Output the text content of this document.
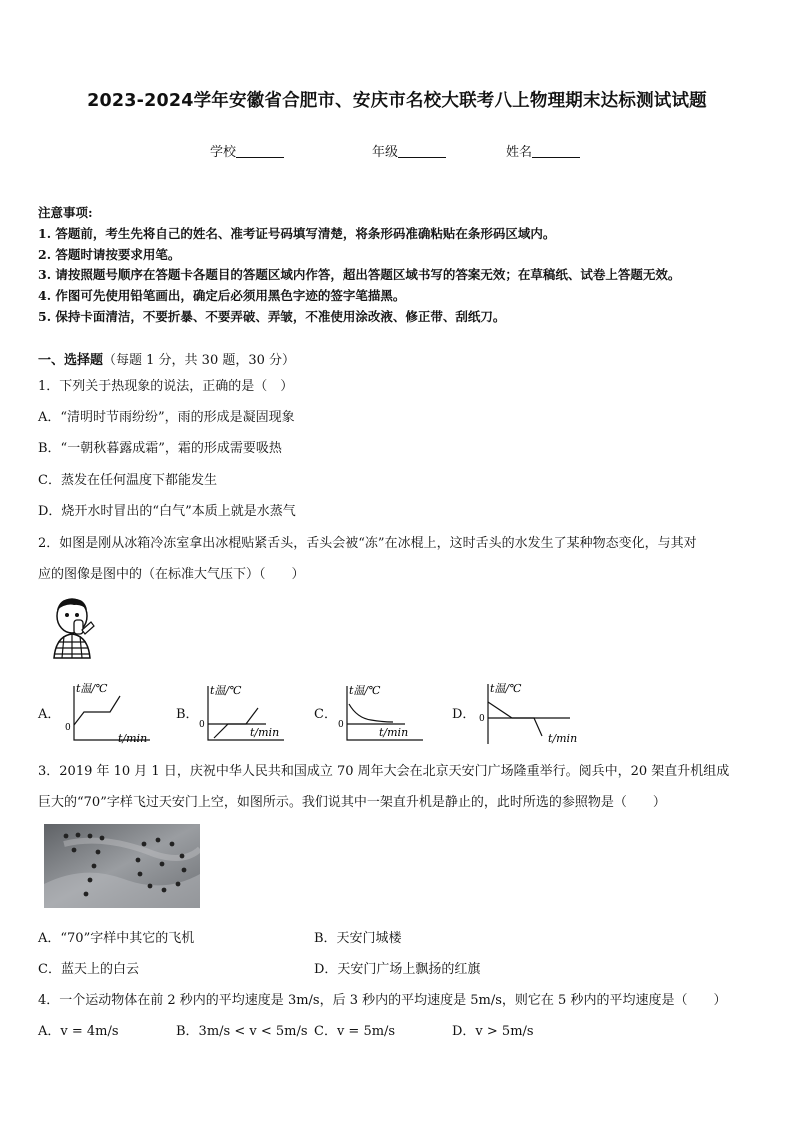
2023-2024学年安徽省合肥市、安庆市名校大联考八上物理期末达标测试试题
学校	年级	姓名
注意事项:
1. 答题前，考生先将自己的姓名、准考证号码填写清楚，将条形码准确粘贴在条形码区域内。
2. 答题时请按要求用笔。
3. 请按照题号顺序在答题卡各题目的答题区域内作答，超出答题区域书写的答案无效；在草稿纸、试卷上答题无效。
4. 作图可先使用铅笔画出，确定后必须用黑色字迹的签字笔描黑。
5. 保持卡面清洁，不要折暴、不要弄破、弄皱，不准使用涂改液、修正带、刮纸刀。
一、选择题（每题 1 分，共 30 题，30 分）
1．下列关于热现象的说法，正确的是（　）
A．“清明时节雨纷纷”，雨的形成是凝固现象
B．“一朝秋暮露成霜”，霜的形成需要吸热
C．蒸发在任何温度下都能发生
D．烧开水时冒出的“白气”本质上就是水蒸气
2．如图是刚从冰箱冷冻室拿出冰棍贴紧舌头，舌头会被“冻”在冰棍上，这时舌头的水发生了某种物态变化，与其对
应的图像是图中的（在标准大气压下）（　　）
A．	B．	C．	D．
t温/℃
t/min
0
t温/℃
t/min
0
t温/℃
t/min
0
t温/℃
t/min
0
3．2019 年 10 月 1 日，庆祝中华人民共和国成立 70 周年大会在北京天安门广场隆重举行。阅兵中，20 架直升机组成
巨大的“70”字样飞过天安门上空，如图所示。我们说其中一架直升机是静止的，此时所选的参照物是（　　）
A．“70”字样中其它的飞机	B．天安门城楼
C．蓝天上的白云	D．天安门广场上飘扬的红旗
4．一个运动物体在前 2 秒内的平均速度是 3m/s，后 3 秒内的平均速度是 5m/s，则它在 5 秒内的平均速度是（　　）
A．v = 4m/s	B．3m/s < v < 5m/s C．v = 5m/s	D．v > 5m/s
